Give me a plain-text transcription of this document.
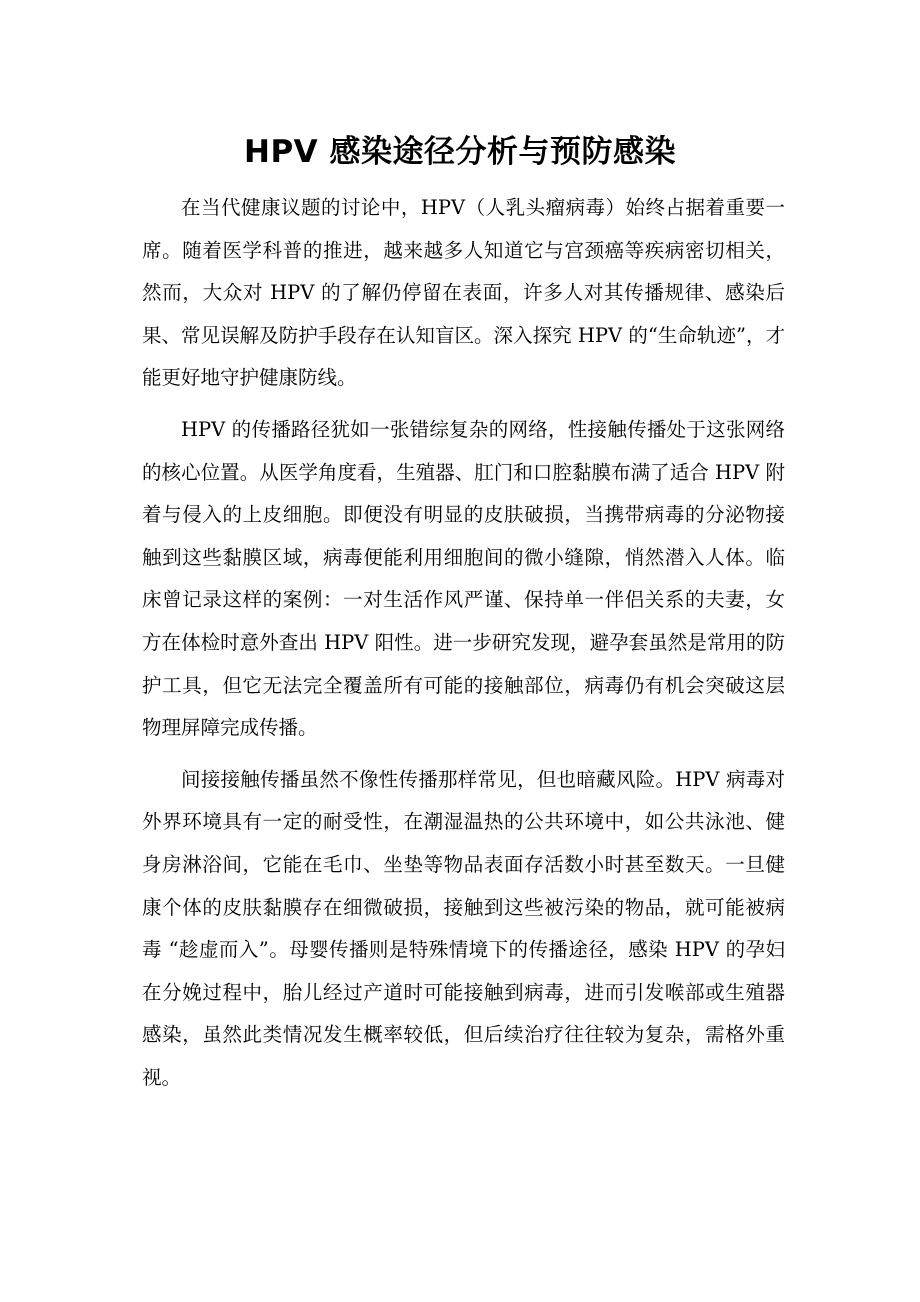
HPV 感染途径分析与预防感染

在当代健康议题的讨论中，HPV（人乳头瘤病毒）始终占据着重要一席。随着医学科普的推进，越来越多人知道它与宫颈癌等疾病密切相关，然而，大众对 HPV 的了解仍停留在表面，许多人对其传播规律、感染后果、常见误解及防护手段存在认知盲区。深入探究 HPV 的“生命轨迹”，才能更好地守护健康防线。

HPV 的传播路径犹如一张错综复杂的网络，性接触传播处于这张网络的核心位置。从医学角度看，生殖器、肛门和口腔黏膜布满了适合 HPV 附着与侵入的上皮细胞。即便没有明显的皮肤破损，当携带病毒的分泌物接触到这些黏膜区域，病毒便能利用细胞间的微小缝隙，悄然潜入人体。临床曾记录这样的案例：一对生活作风严谨、保持单一伴侣关系的夫妻，女方在体检时意外查出 HPV 阳性。进一步研究发现，避孕套虽然是常用的防护工具，但它无法完全覆盖所有可能的接触部位，病毒仍有机会突破这层物理屏障完成传播。

间接接触传播虽然不像性传播那样常见，但也暗藏风险。HPV 病毒对外界环境具有一定的耐受性，在潮湿温热的公共环境中，如公共泳池、健身房淋浴间，它能在毛巾、坐垫等物品表面存活数小时甚至数天。一旦健康个体的皮肤黏膜存在细微破损，接触到这些被污染的物品，就可能被病毒 “趁虚而入”。母婴传播则是特殊情境下的传播途径，感染 HPV 的孕妇在分娩过程中，胎儿经过产道时可能接触到病毒，进而引发喉部或生殖器感染，虽然此类情况发生概率较低，但后续治疗往往较为复杂，需格外重视。
